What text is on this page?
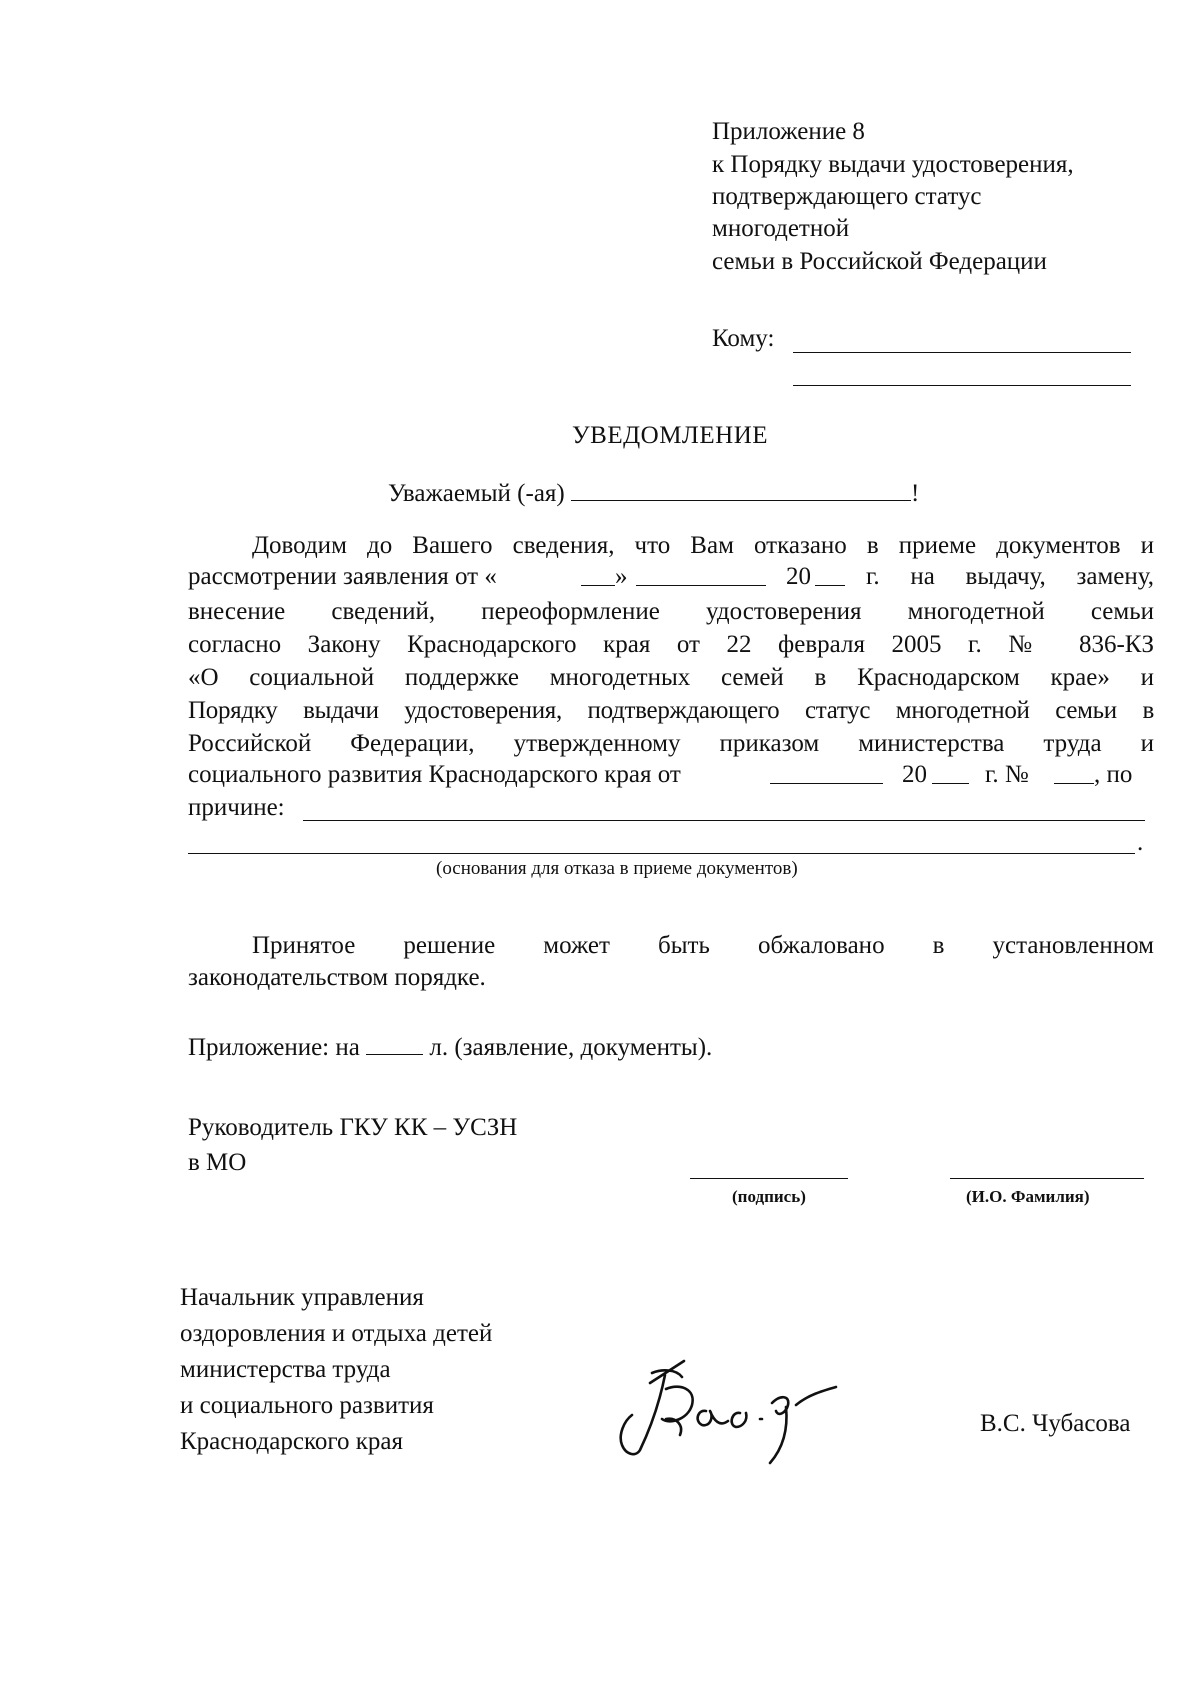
Приложение 8
к Порядку выдачи удостоверения,
подтверждающего статус
многодетной
семьи в Российской Федерации
Кому:
УВЕДОМЛЕНИЕ
Уважаемый (-ая)	!
Доводим до Вашего сведения, что Вам отказано в приеме документов и
рассмотрении заявления от «	»	20 г. на выдачу, замену,
внесение сведений, переоформление удостоверения многодетной семьи
согласно Закону Краснодарского края от 22 февраля 2005 г. № 836-КЗ
«О социальной поддержке многодетных семей в Краснодарском крае» и
Порядку выдачи удостоверения, подтверждающего статус многодетной семьи в
Российской Федерации, утвержденному приказом министерства труда и
социального развития Краснодарского края от	20 г. №	, по
причине:
.
(основания для отказа в приеме документов)
Принятое решение может быть обжаловано в установленном
законодательством порядке.
Приложение: на	л. (заявление, документы).
Руководитель ГКУ КК – УСЗН
в МО
(подпись)	(И.О. Фамилия)
Начальник управления
оздоровления и отдыха детей
министерства труда
и социального развития
Краснодарского края
В.С. Чубасова
